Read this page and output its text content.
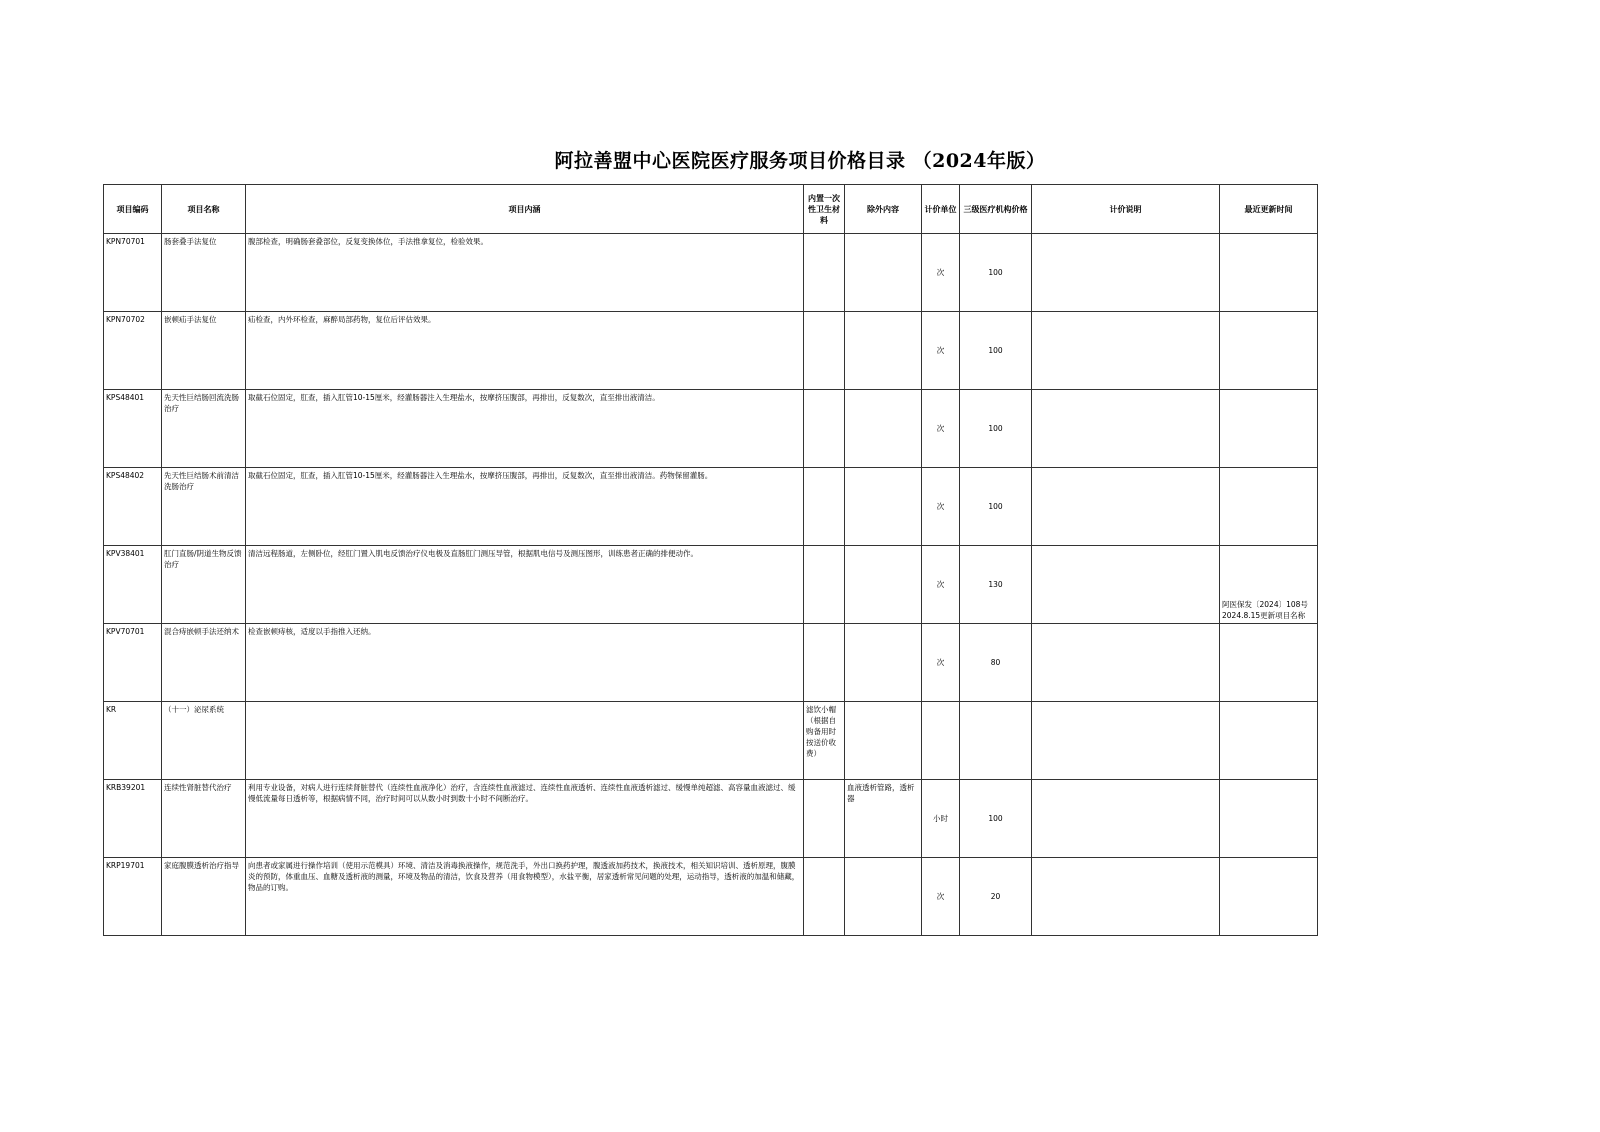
阿拉善盟中心医院医疗服务项目价格目录 （2024年版）
项目编码	项目名称	项目内涵	内置一次性卫生材料	除外内容	计价单位	三级医疗机构价格	计价说明	最近更新时间
KPN70701	肠套叠手法复位	腹部检查，明确肠套叠部位，反复变换体位，手法推拿复位，检验效果。			次	100		
KPN70702	嵌顿疝手法复位	疝检查，内外环检查，麻醉局部药物，复位后评估效果。			次	100		
KPS48401	先天性巨结肠回流洗肠治疗	取截石位固定，肛查，插入肛管10-15厘米，经灌肠器注入生理盐水，按摩挤压腹部，再排出，反复数次，直至排出液清洁。			次	100		
KPS48402	先天性巨结肠术前清洁洗肠治疗	取截石位固定，肛查，插入肛管10-15厘米，经灌肠器注入生理盐水，按摩挤压腹部，再排出，反复数次，直至排出液清洁。药物保留灌肠。			次	100		
KPV38401	肛门直肠/阴道生物反馈治疗	清洁远程肠道，左侧卧位，经肛门置入肌电反馈治疗仪电极及直肠肛门测压导管，根据肌电信号及测压图形，训练患者正确的排便动作。			次	130		阿医保发〔2024〕108号 2024.8.15更新项目名称
KPV70701	混合痔嵌顿手法还纳术	检查嵌顿痔核，适度以手指推入还纳。			次	80		
KR	（十一）泌尿系统		滤饮小帽（根据自购备用时按送价收费）					
KRB39201	连续性肾脏替代治疗	利用专业设备，对病人进行连续肾脏替代（连续性血液净化）治疗，含连续性血液滤过、连续性血液透析、连续性血液透析滤过、缓慢单纯超滤、高容量血液滤过、缓慢低流量每日透析等，根据病情不同，治疗时间可以从数小时到数十小时不间断治疗。		血液透析管路，透析器	小时	100		
KRP19701	家庭腹膜透析治疗指导	向患者或家属进行操作培训（使用示范模具）环境、清洁及消毒换液操作，规范洗手，外出口换药护理，腹透液加药技术，换液技术，相关知识培训、透析原理，腹膜炎的预防，体重血压、血糖及透析液的测量，环境及物品的清洁，饮食及营养（用食物模型），水盐平衡，居家透析常见问题的处理，运动指导，透析液的加温和储藏，物品的订购。			次	20		
